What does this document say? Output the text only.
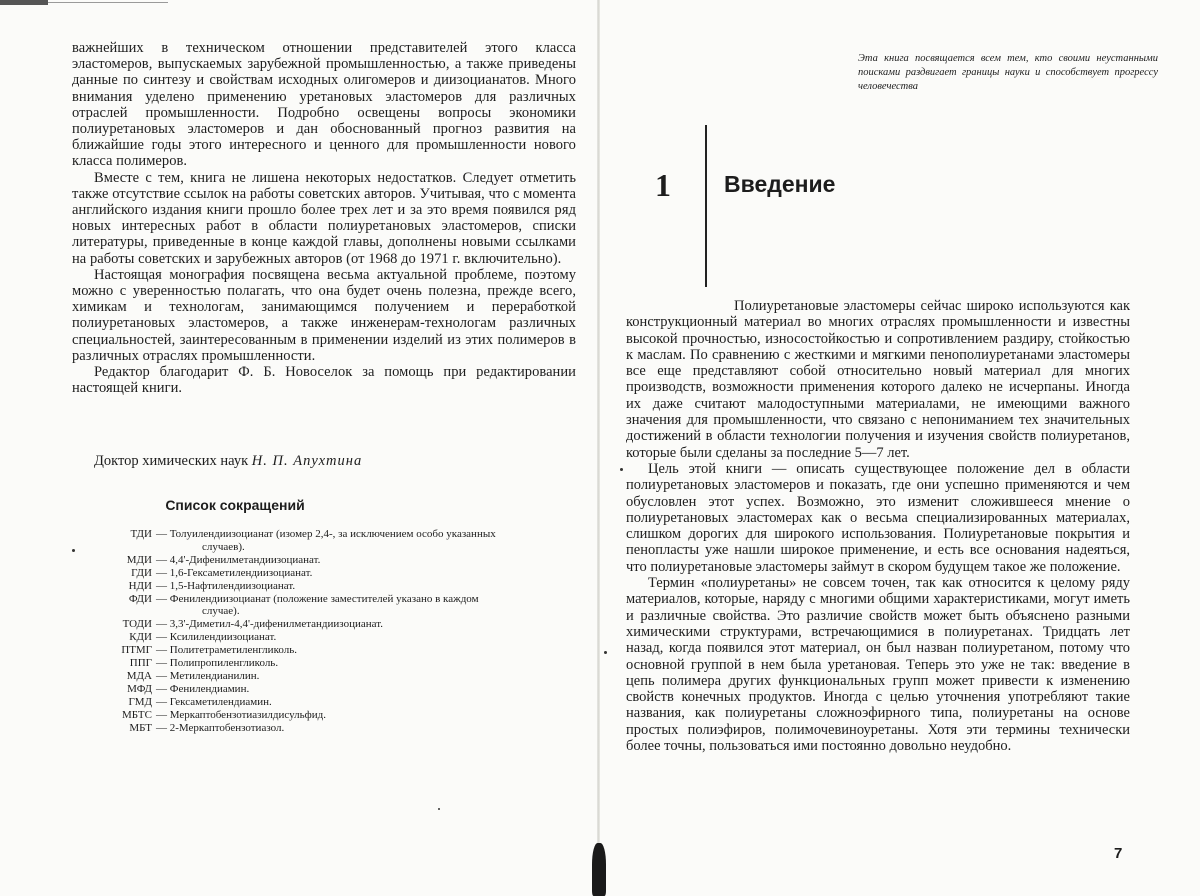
важнейших в техническом отношении представителей этого класса эластомеров, выпускаемых зарубежной промышленностью, а также приведены данные по синтезу и свойствам исходных олигомеров и диизоцианатов. Много внимания уделено применению уретановых эластомеров для различных отраслей промышленности. Подробно освещены вопросы экономики полиуретановых эластомеров и дан обоснованный прогноз развития на ближайшие годы этого интересного и ценного для промышленности нового класса полимеров.

Вместе с тем, книга не лишена некоторых недостатков. Следует отметить также отсутствие ссылок на работы советских авторов. Учитывая, что с момента английского издания книги прошло более трех лет и за это время появился ряд новых интересных работ в области полиуретановых эластомеров, списки литературы, приведенные в конце каждой главы, дополнены новыми ссылками на работы советских и зарубежных авторов (от 1968 до 1971 г. включительно).

Настоящая монография посвящена весьма актуальной проблеме, поэтому можно с уверенностью полагать, что она будет очень полезна, прежде всего, химикам и технологам, занимающимся получением и переработкой полиуретановых эластомеров, а также инженерам-технологам различных специальностей, заинтересованным в применении изделий из этих полимеров в различных отраслях промышленности.

Редактор благодарит Ф. Б. Новоселок за помощь при редактировании настоящей книги.

Доктор химических наук Н. П. Апухтина
Список сокращений
ТДИ — Толуилендиизоцианат (изомер 2,4-, за исключением особо указанных
случаев).
МДИ — 4,4'-Дифенилметандиизоцианат.
ГДИ — 1,6-Гексаметилендиизоцианат.
НДИ — 1,5-Нафтилендиизоцианат.
ФДИ — Фенилендиизоцианат (положение заместителей указано в каждом
случае).
ТОДИ — 3,3'-Диметил-4,4'-дифенилметандиизоцианат.
КДИ — Ксилилендиизоцианат.
ПТМГ — Политетраметиленгликоль.
ППГ — Полипропиленгликоль.
МДА — Метилендианилин.
МФД — Фенилендиамин.
ГМД — Гексаметилендиамин.
МБТС — Меркаптобензотиазилдисульфид.
МБТ — 2-Меркаптобензотиазол.
Эта книга посвящается всем тем, кто своими неустанными поисками раздвигает границы науки и способствует прогрессу человечества
1 Введение

Полиуретановые эластомеры сейчас широко используются как конструкционный материал во многих отраслях промышленности и известны высокой прочностью, износостойкостью и сопротивлением раздиру, стойкостью к маслам. По сравнению с жесткими и мягкими пенополиуретанами эластомеры все еще представляют собой относительно новый материал для многих производств, возможности применения которого далеко не исчерпаны. Иногда их даже считают малодоступными материалами, не имеющими важного значения для промышленности, что связано с непониманием тех значительных достижений в области технологии получения и изучения свойств полиуретанов, которые были сделаны за последние 5—7 лет.

Цель этой книги — описать существующее положение дел в области полиуретановых эластомеров и показать, где они успешно применяются и чем обусловлен этот успех. Возможно, это изменит сложившееся мнение о полиуретановых эластомерах как о весьма специализированных материалах, слишком дорогих для широкого использования. Полиуретановые покрытия и пенопласты уже нашли широкое применение, и есть все основания надеяться, что полиуретановые эластомеры займут в скором будущем такое же положение.

Термин «полиуретаны» не совсем точен, так как относится к целому ряду материалов, которые, наряду с многими общими характеристиками, могут иметь и различные свойства. Это различие свойств может быть объяснено разными химическими структурами, встречающимися в полиуретанах. Тридцать лет назад, когда появился этот материал, он был назван полиуретаном, потому что основной группой в нем была уретановая. Теперь это уже не так: введение в цепь полимера других функциональных групп может привести к изменению свойств конечных продуктов. Иногда с целью уточнения употребляют такие названия, как полиуретаны сложноэфирного типа, полиуретаны на основе простых полиэфиров, полимочевиноуретаны. Хотя эти термины технически более точны, пользоваться ими постоянно довольно неудобно.

7
